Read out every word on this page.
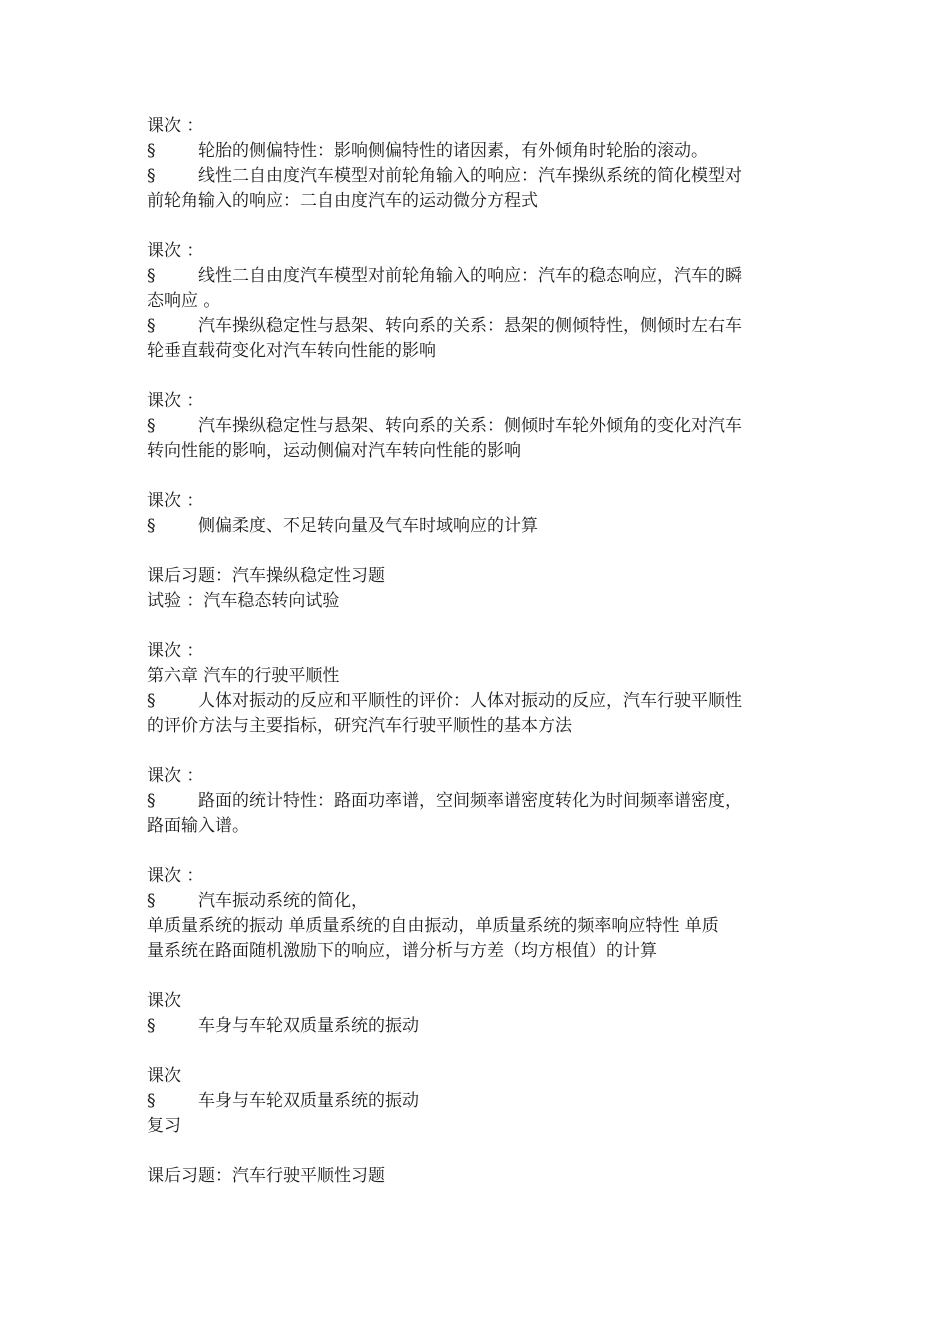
课次 ：
§	轮胎的侧偏特性：影响侧偏特性的诸因素，有外倾角时轮胎的滚动。
§	线性二自由度汽车模型对前轮角输入的响应：汽车操纵系统的简化模型对
前轮角输入的响应：二自由度汽车的运动微分方程式
课次 ：
§	线性二自由度汽车模型对前轮角输入的响应：汽车的稳态响应，汽车的瞬
态响应 。
§	汽车操纵稳定性与悬架、转向系的关系：悬架的侧倾特性，侧倾时左右车
轮垂直载荷变化对汽车转向性能的影响
课次 ：
§	汽车操纵稳定性与悬架、转向系的关系：侧倾时车轮外倾角的变化对汽车
转向性能的影响，运动侧偏对汽车转向性能的影响
课次 ：
§	侧偏柔度、不足转向量及气车时域响应的计算
课后习题：汽车操纵稳定性习题
试验 ：汽车稳态转向试验
课次 ：
第六章 汽车的行驶平顺性
§	人体对振动的反应和平顺性的评价：人体对振动的反应，汽车行驶平顺性
的评价方法与主要指标，研究汽车行驶平顺性的基本方法
课次 ：
§	路面的统计特性：路面功率谱，空间频率谱密度转化为时间频率谱密度，
路面输入谱。
课次 ：
§	汽车振动系统的简化，
单质量系统的振动 单质量系统的自由振动，单质量系统的频率响应特性 单质
量系统在路面随机激励下的响应，谱分析与方差（均方根值）的计算
课次
§	车身与车轮双质量系统的振动
课次
§	车身与车轮双质量系统的振动
复习
课后习题：汽车行驶平顺性习题
